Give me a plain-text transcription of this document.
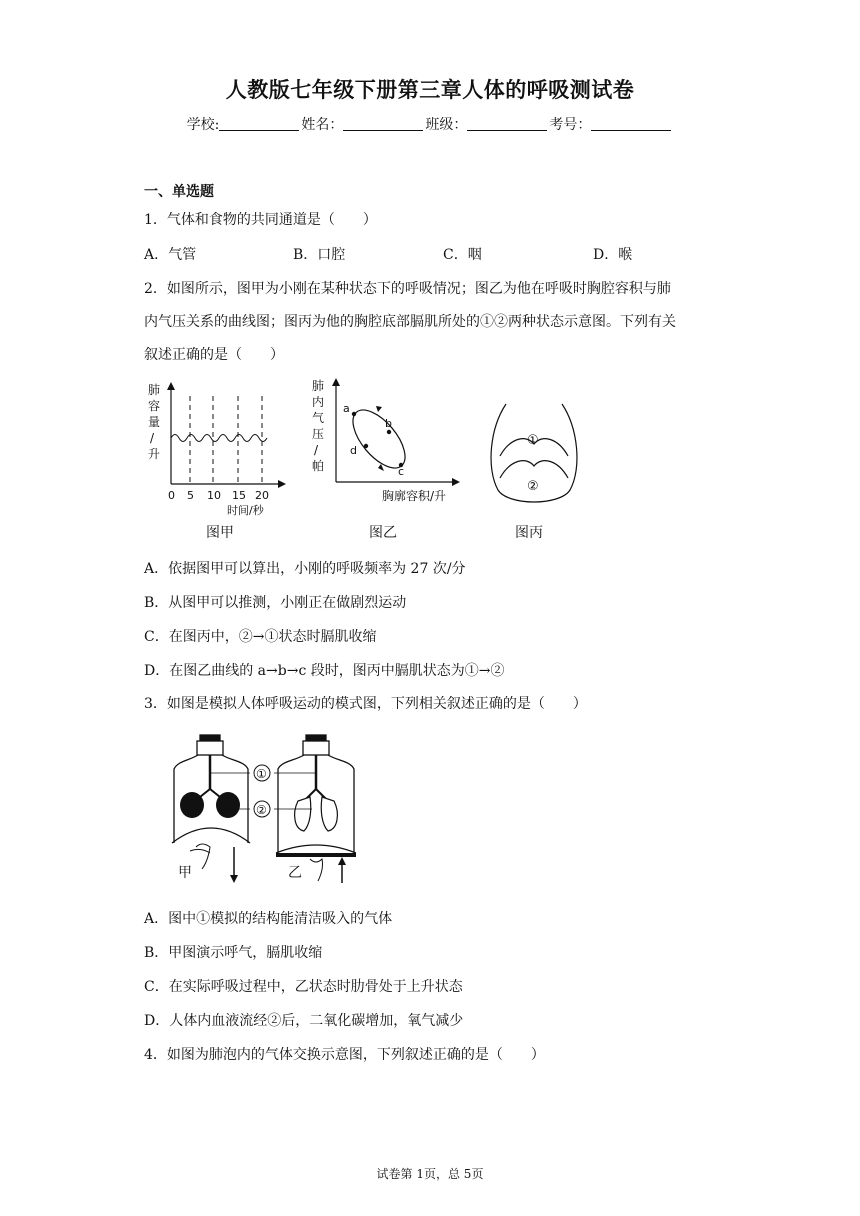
人教版七年级下册第三章人体的呼吸测试卷
学校:	姓名：	班级：	考号：
一、单选题
1．气体和食物的共同通道是（　　）
A．气管	B．口腔	C．咽	D．喉
2．如图所示，图甲为小刚在某种状态下的呼吸情况；图乙为他在呼吸时胸腔容积与肺
内气压关系的曲线图；图丙为他的胸腔底部膈肌所处的①②两种状态示意图。下列有关
叙述正确的是（　　）
肺
容
量
/
升
0 5 10 15 20
时间/秒
图甲
肺
内
气
压
/
帕
a
b
c
d
胸廓容积/升
图乙
①
②
图丙
A．依据图甲可以算出，小刚的呼吸频率为 27 次/分
B．从图甲可以推测，小刚正在做剧烈运动
C．在图丙中，②→①状态时膈肌收缩
D．在图乙曲线的 a→b→c 段时，图丙中膈肌状态为①→②
3．如图是模拟人体呼吸运动的模式图，下列相关叙述正确的是（　　）
甲	乙
①
②
A．图中①模拟的结构能清洁吸入的气体
B．甲图演示呼气，膈肌收缩
C．在实际呼吸过程中，乙状态时肋骨处于上升状态
D．人体内血液流经②后，二氧化碳增加，氧气减少
4．如图为肺泡内的气体交换示意图，下列叙述正确的是（　　）
试卷第 1页，总 5页
